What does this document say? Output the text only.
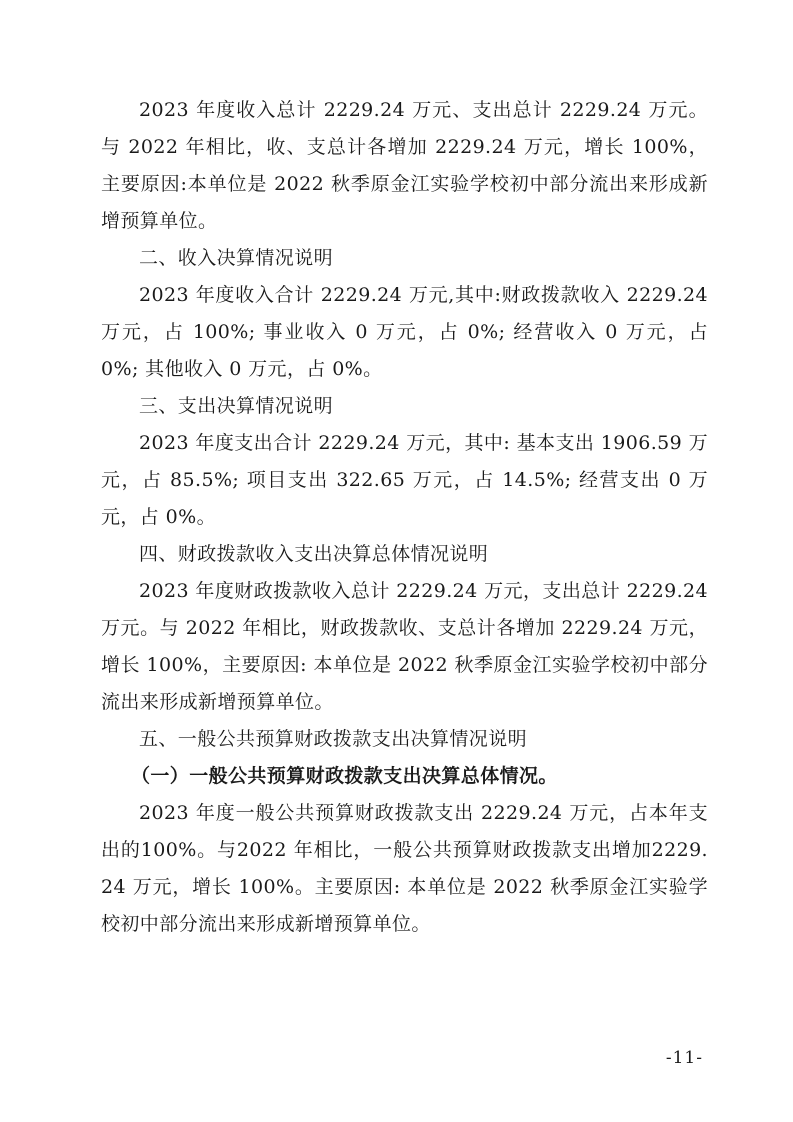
2023 年度收入总计 2229.24 万元、支出总计 2229.24 万元。与 2022 年相比，收、支总计各增加 2229.24 万元，增长 100%，主要原因:本单位是 2022 秋季原金江实验学校初中部分流出来形成新增预算单位。

二、收入决算情况说明

2023 年度收入合计 2229.24 万元,其中:财政拨款收入 2229.24 万元，占 100%; 事业收入 0 万元，占 0%; 经营收入 0 万元，占 0%; 其他收入 0 万元，占 0%。

三、支出决算情况说明

2023 年度支出合计 2229.24 万元，其中: 基本支出 1906.59 万元，占 85.5%; 项目支出 322.65 万元，占 14.5%; 经营支出 0 万元，占 0%。

四、财政拨款收入支出决算总体情况说明

2023 年度财政拨款收入总计 2229.24 万元，支出总计 2229.24 万元。与 2022 年相比，财政拨款收、支总计各增加 2229.24 万元，增长 100%，主要原因: 本单位是 2022 秋季原金江实验学校初中部分流出来形成新增预算单位。

五、一般公共预算财政拨款支出决算情况说明

（一）一般公共预算财政拨款支出决算总体情况。

2023 年度一般公共预算财政拨款支出 2229.24 万元，占本年支出的100%。与2022 年相比，一般公共预算财政拨款支出增加2229.24 万元，增长 100%。主要原因: 本单位是 2022 秋季原金江实验学校初中部分流出来形成新增预算单位。

-11-
